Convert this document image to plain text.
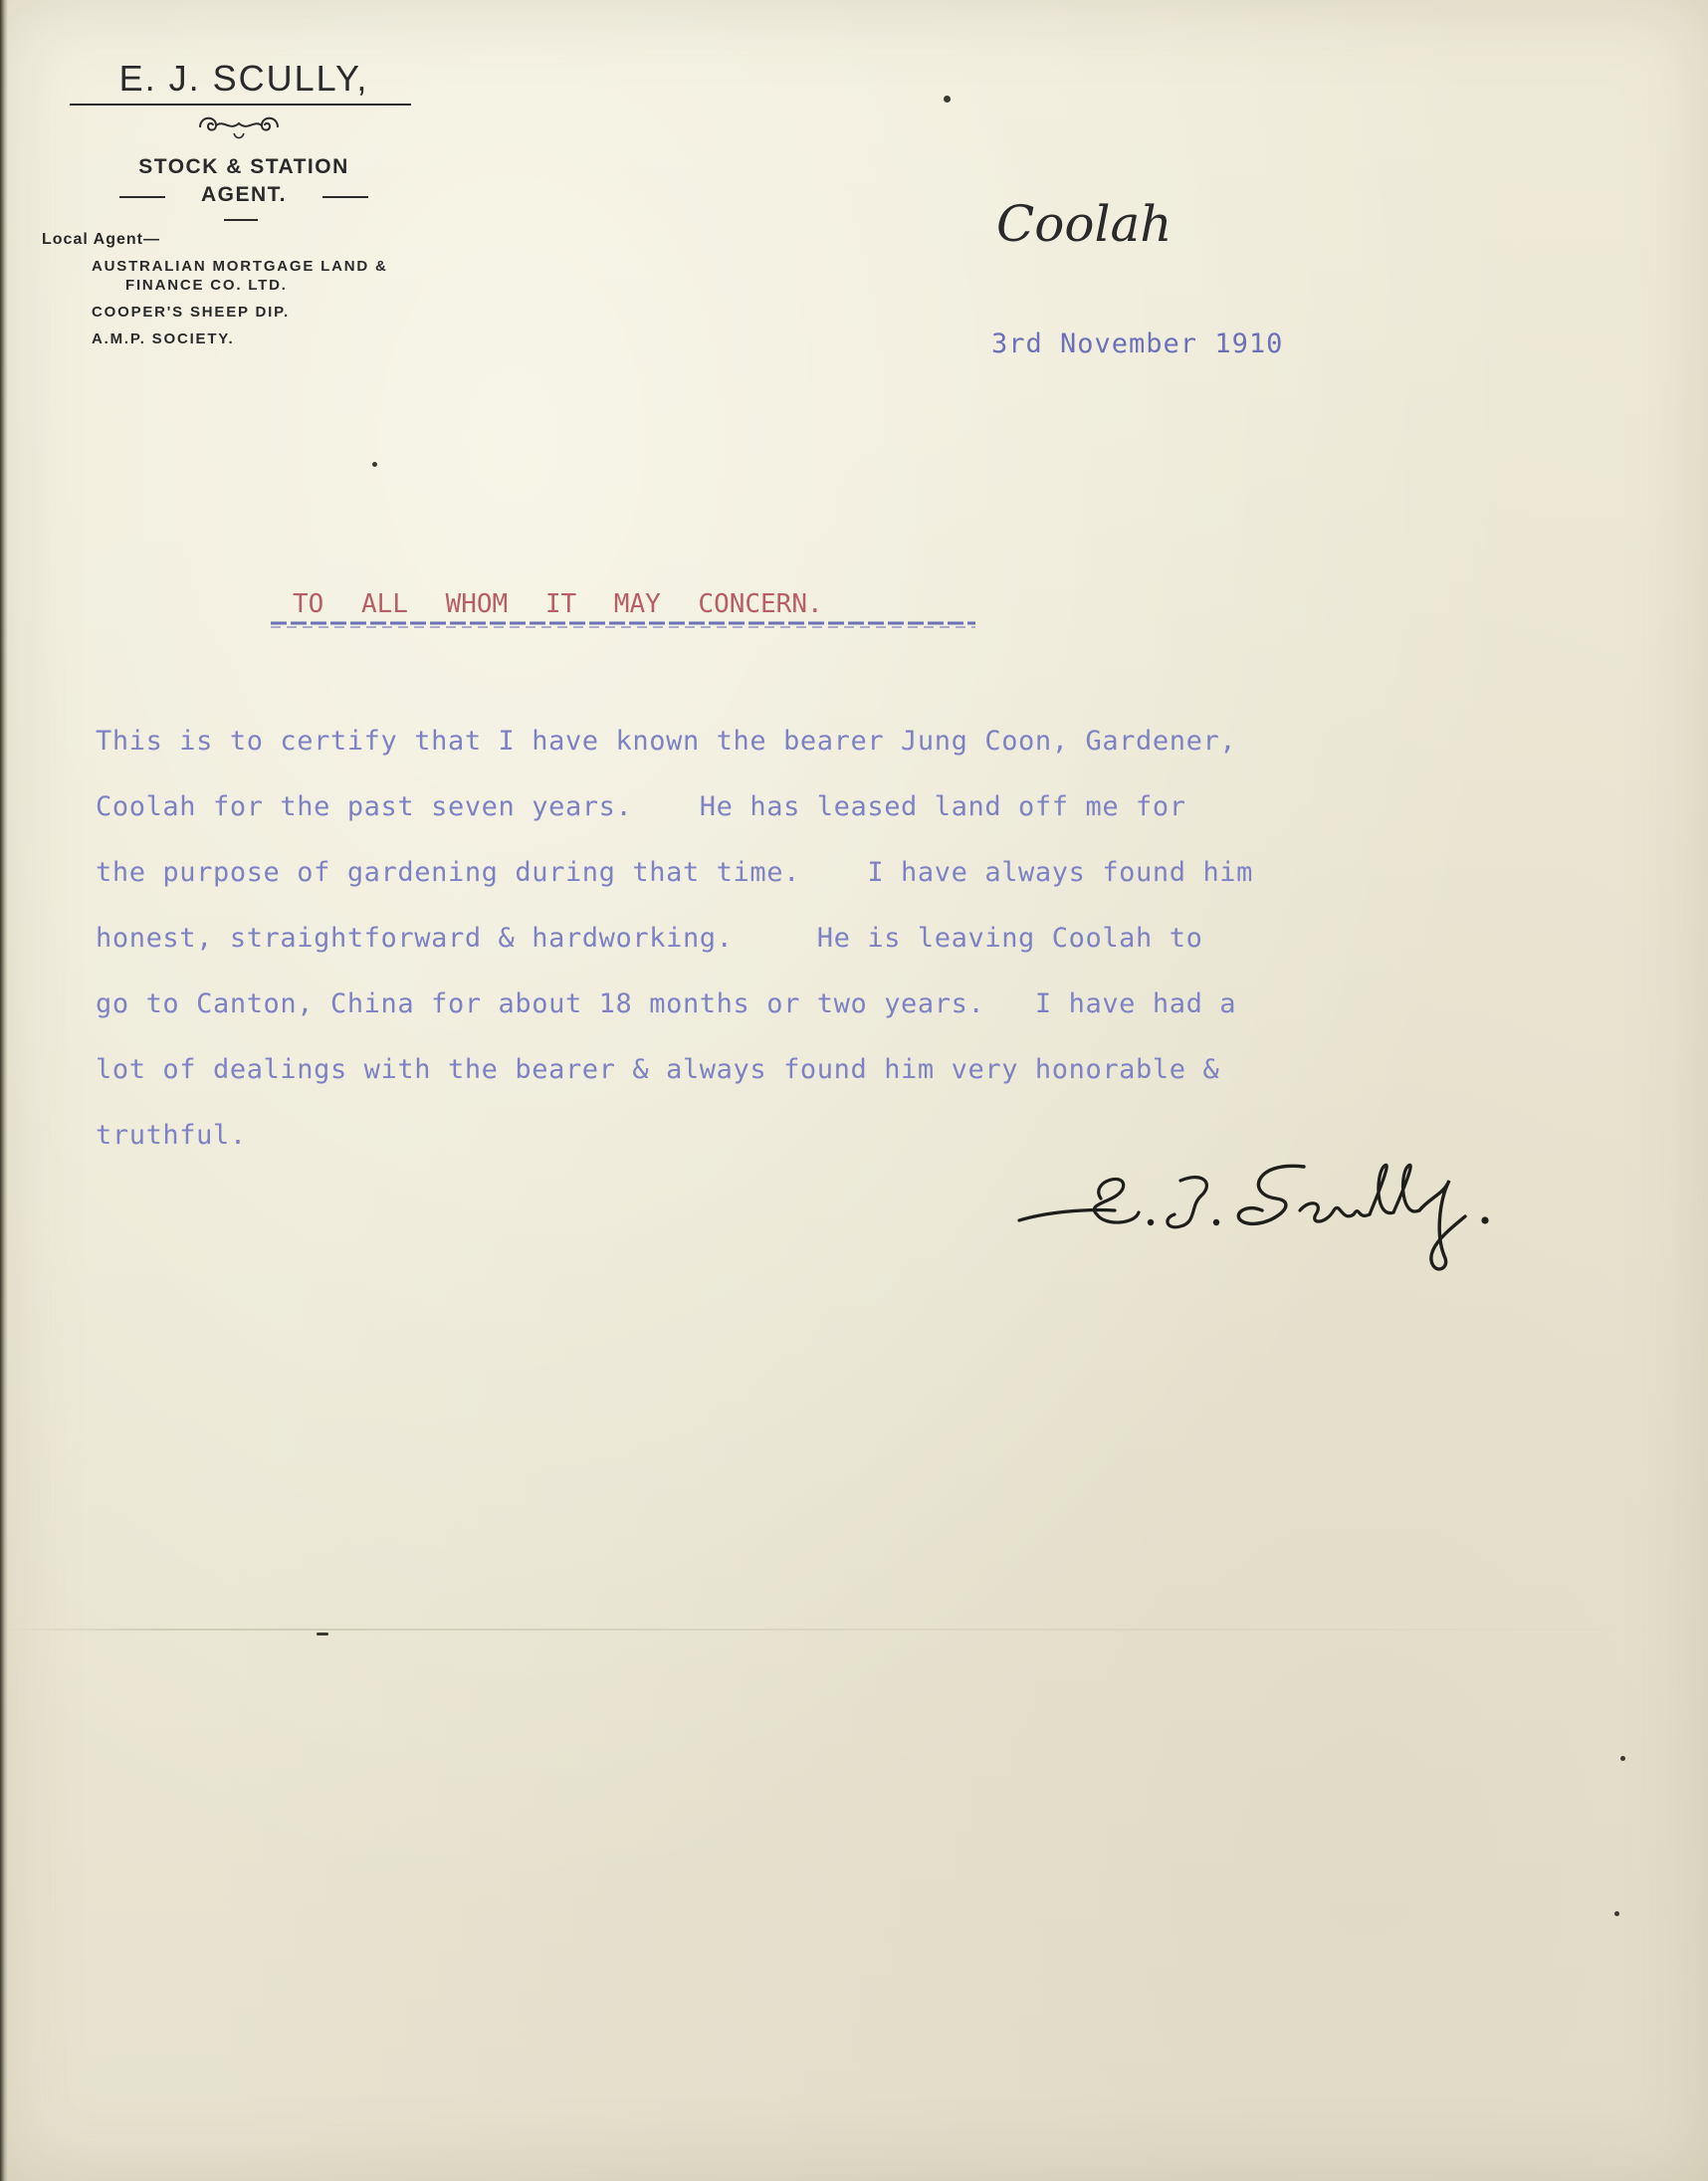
E. J. SCULLY,
STOCK & STATION
AGENT.
Local Agent—
AUSTRALIAN MORTGAGE LAND &
FINANCE CO. LTD.
COOPER'S SHEEP DIP.
A.M.P. SOCIETY.
Coolah
3rd November 1910
TO ALL WHOM IT MAY CONCERN.
This is to certify that I have known the bearer Jung Coon, Gardener,
Coolah for the past seven years.    He has leased land off me for
the purpose of gardening during that time.    I have always found him
honest, straightforward & hardworking.     He is leaving Coolah to
go to Canton, China for about 18 months or two years.   I have had a
lot of dealings with the bearer & always found him very honorable &
truthful.
